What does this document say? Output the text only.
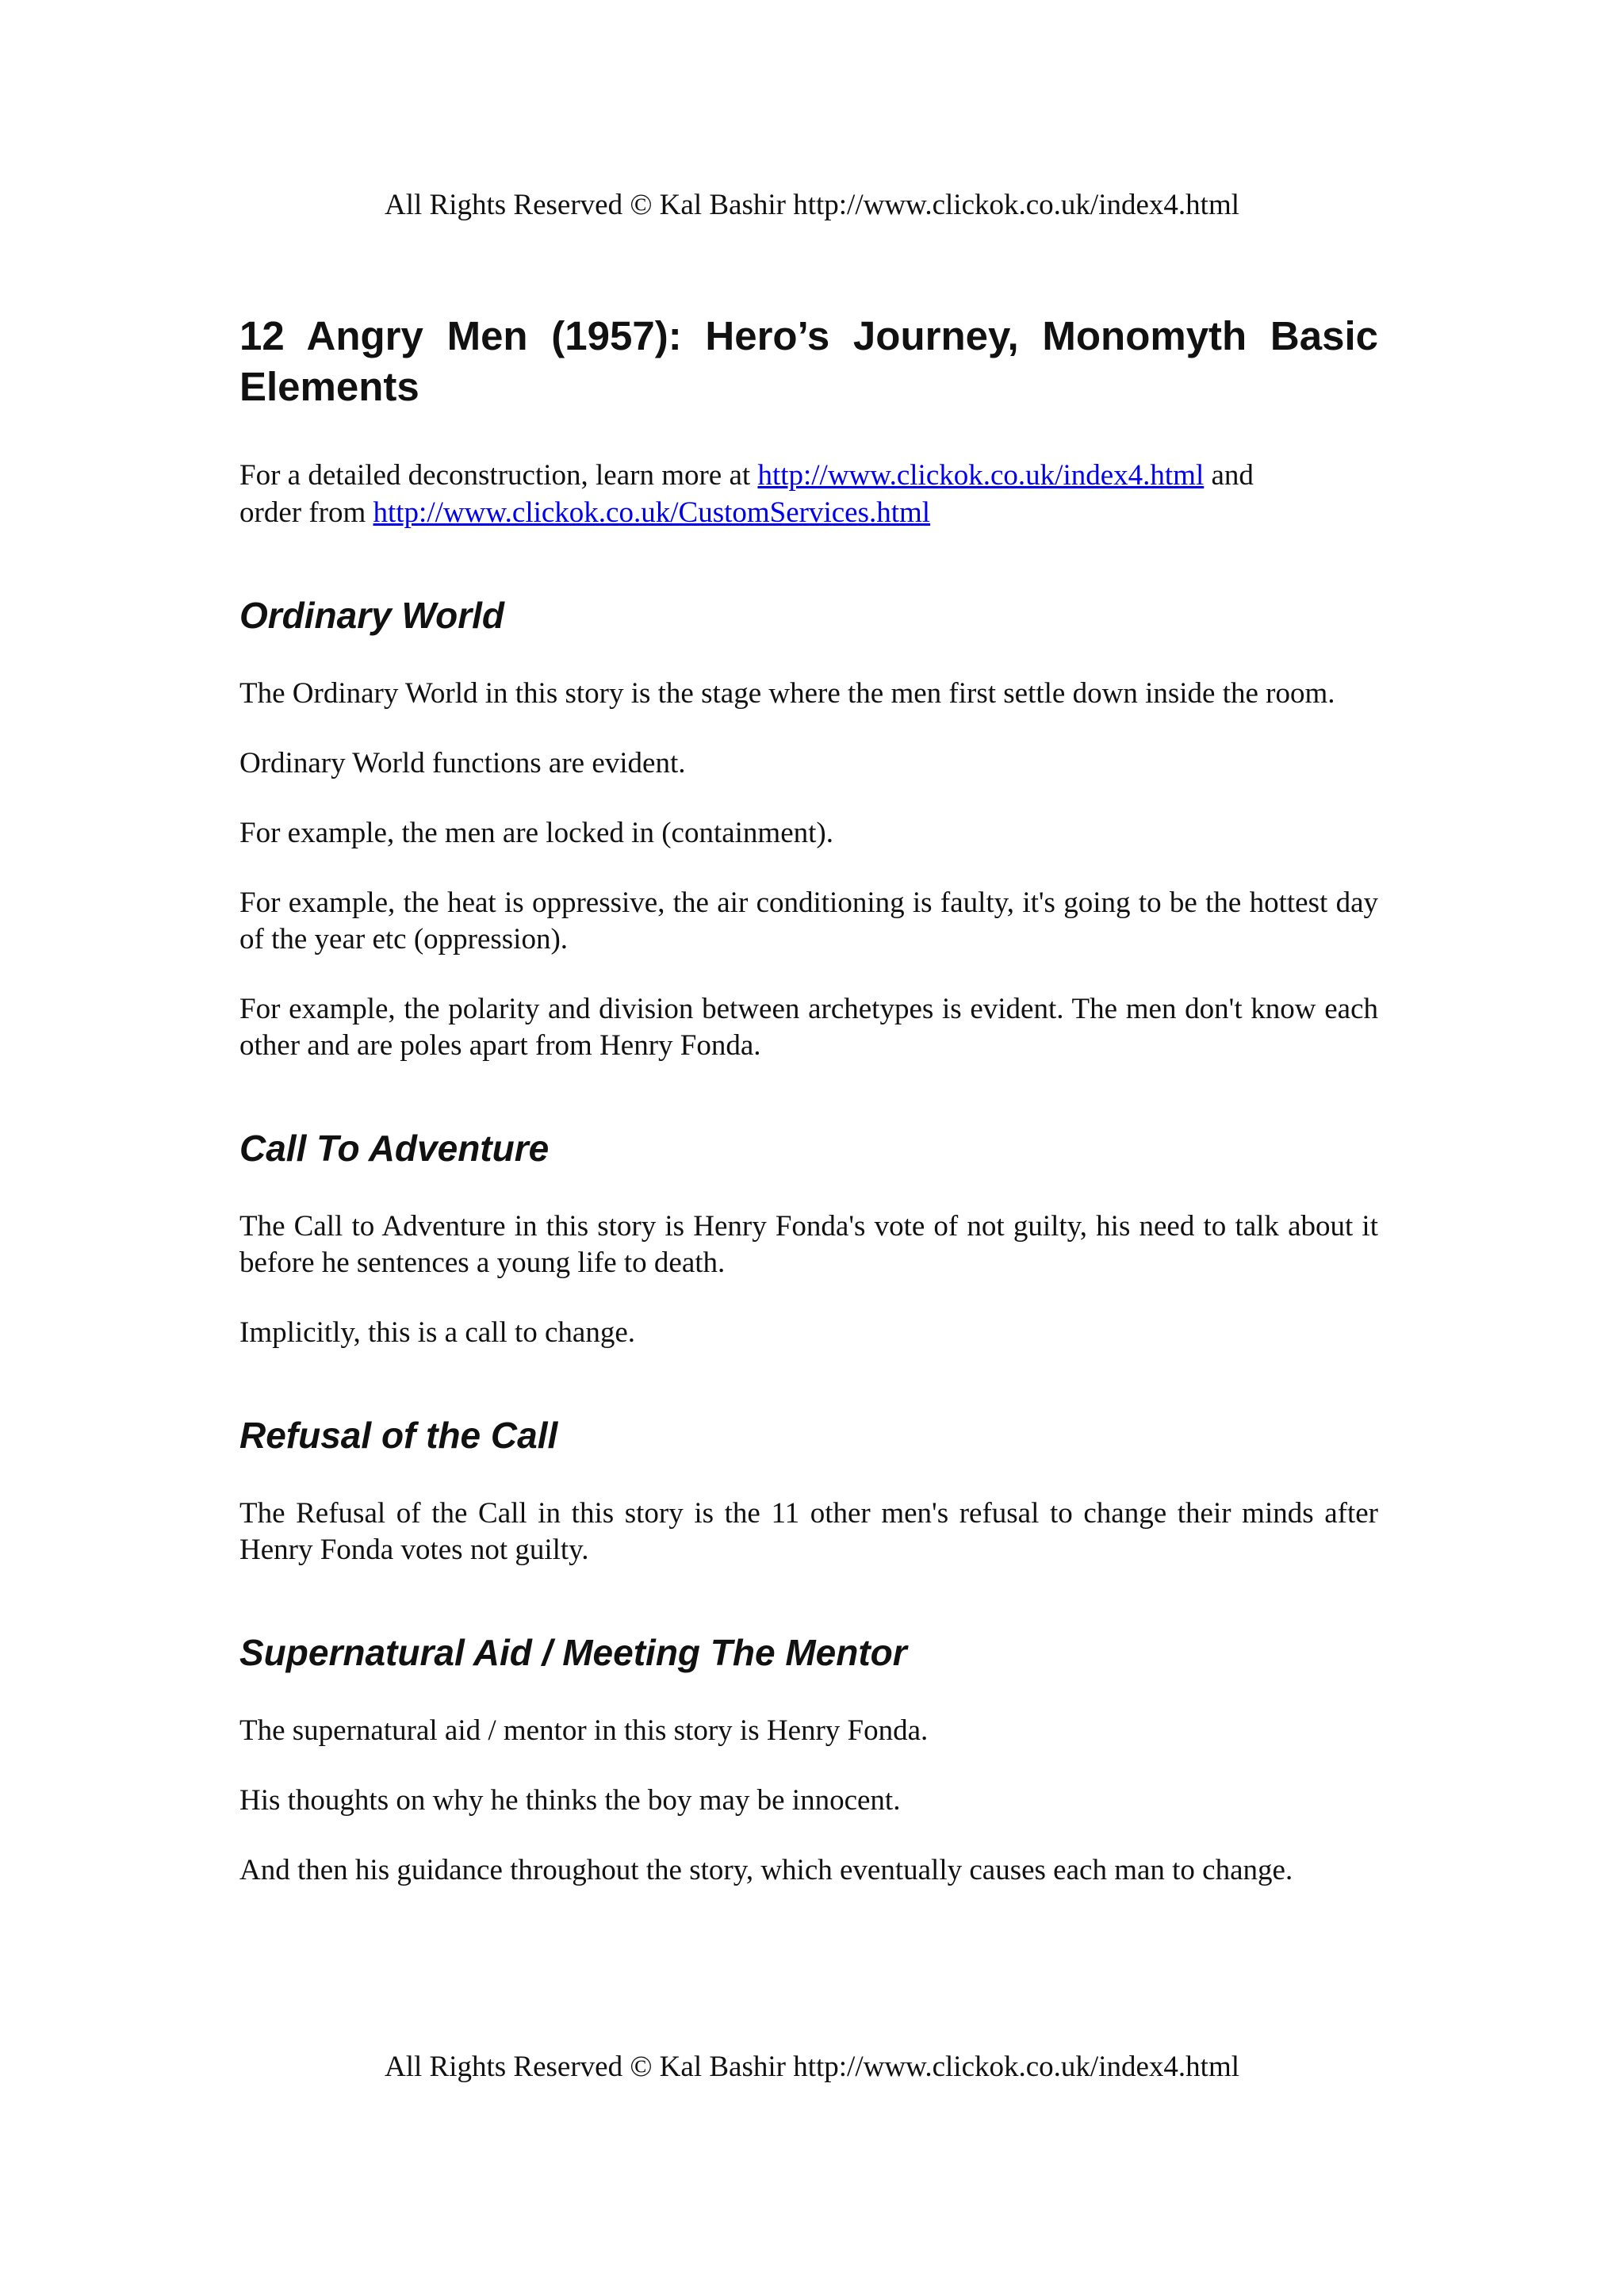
All Rights Reserved © Kal Bashir http://www.clickok.co.uk/index4.html
12 Angry Men (1957): Hero’s Journey, Monomyth Basic Elements

For a detailed deconstruction, learn more at http://www.clickok.co.uk/index4.html and order from http://www.clickok.co.uk/CustomServices.html

Ordinary World

The Ordinary World in this story is the stage where the men first settle down inside the room.

Ordinary World functions are evident.

For example, the men are locked in (containment).

For example, the heat is oppressive, the air conditioning is faulty, it's going to be the hottest day of the year etc (oppression).

For example, the polarity and division between archetypes is evident. The men don't know each other and are poles apart from Henry Fonda.

Call To Adventure

The Call to Adventure in this story is Henry Fonda's vote of not guilty, his need to talk about it before he sentences a young life to death.

Implicitly, this is a call to change.

Refusal of the Call

The Refusal of the Call in this story is the 11 other men's refusal to change their minds after Henry Fonda votes not guilty.

Supernatural Aid / Meeting The Mentor

The supernatural aid / mentor in this story is Henry Fonda.

His thoughts on why he thinks the boy may be innocent.

And then his guidance throughout the story, which eventually causes each man to change.

All Rights Reserved © Kal Bashir http://www.clickok.co.uk/index4.html
